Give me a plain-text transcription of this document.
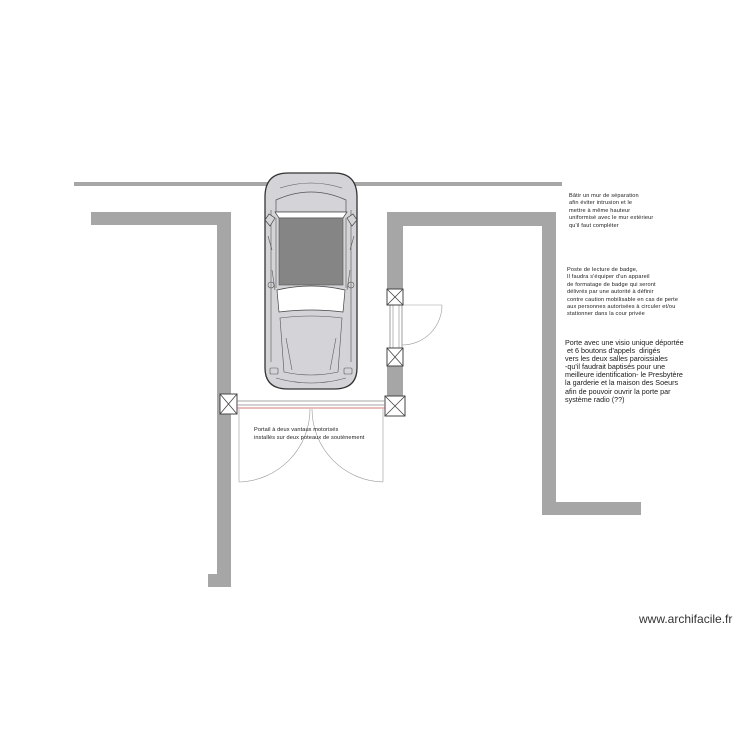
Bâtir un mur de séparation
afin éviter intrusion et le
mettre à même hauteur
uniformisé avec le mur extérieur
qu'il faut compléter

Poste de lecture de badge,
Il faudra s'équiper d'un appareil
de formatage de badge qui seront
délivrés par une autorité à définir
contre caution mobilisable en cas de perte
aux personnes autorisées à circuler et/ou
stationner dans la cour privée

Porte avec une visio unique déportée
et 6 boutons d'appels  dirigés
vers les deux salles paroissiales
-qu'il faudrait baptisés pour une
meilleure identification- le Presbytère
la garderie et la maison des Soeurs
afin de pouvoir ouvrir la porte par
système radio (??)

Portail à deux vantaux motorisés
installés sur deux poteaux de soutènement

www.archifacile.fr
